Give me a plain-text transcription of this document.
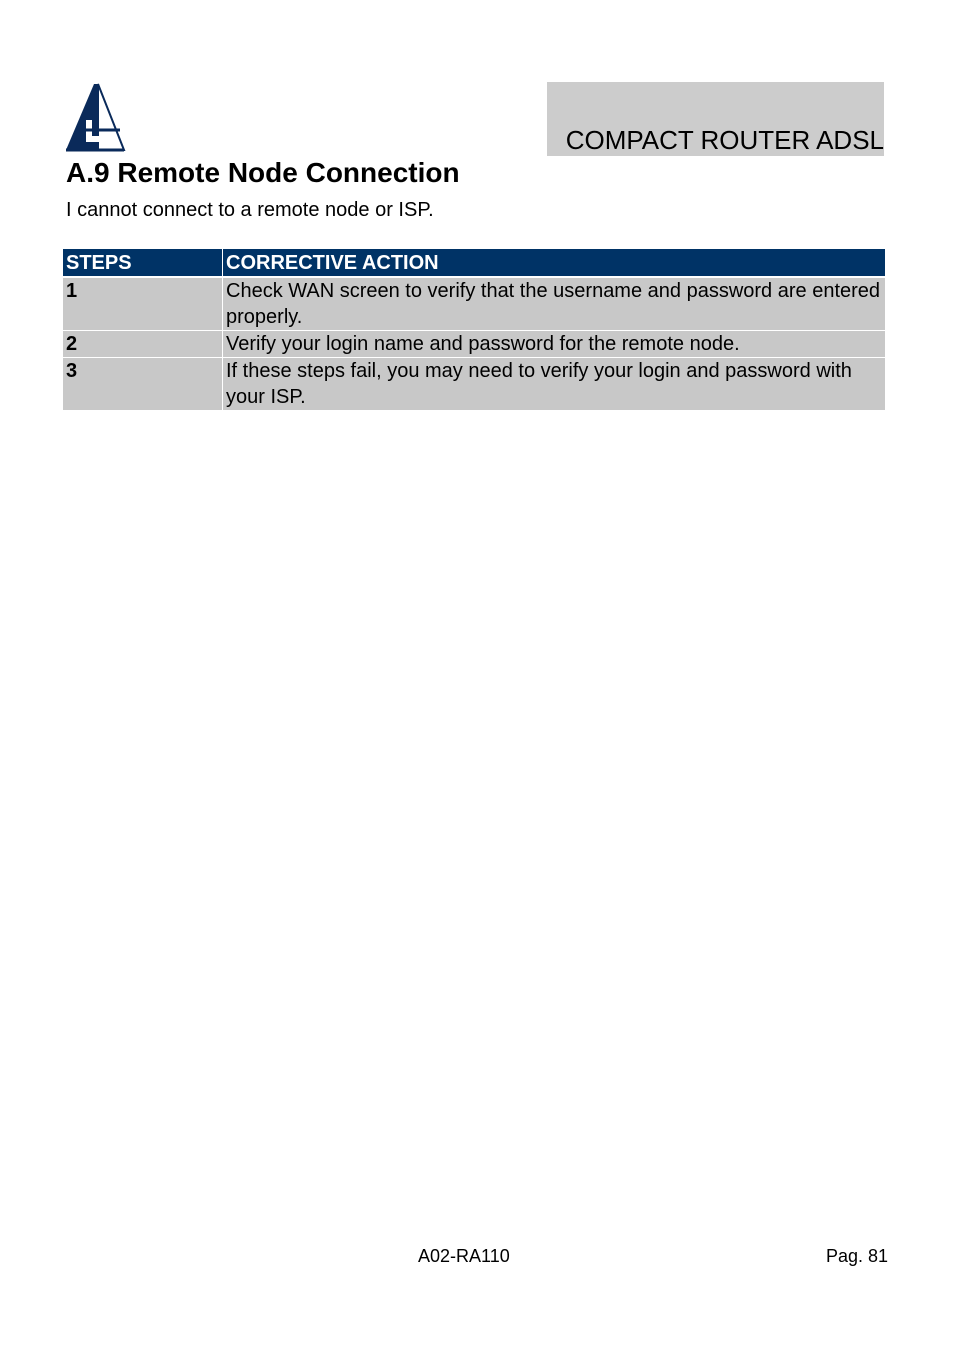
COMPACT ROUTER ADSL
A.9 Remote Node Connection

I cannot connect to a remote node or ISP.

STEPS	CORRECTIVE ACTION
1	Check WAN screen to verify that the username and password are entered properly.
2	Verify your login name and password for the remote node.
3	If these steps fail, you may need to verify your login and password with your ISP.
A02-RA110	Pag. 81
